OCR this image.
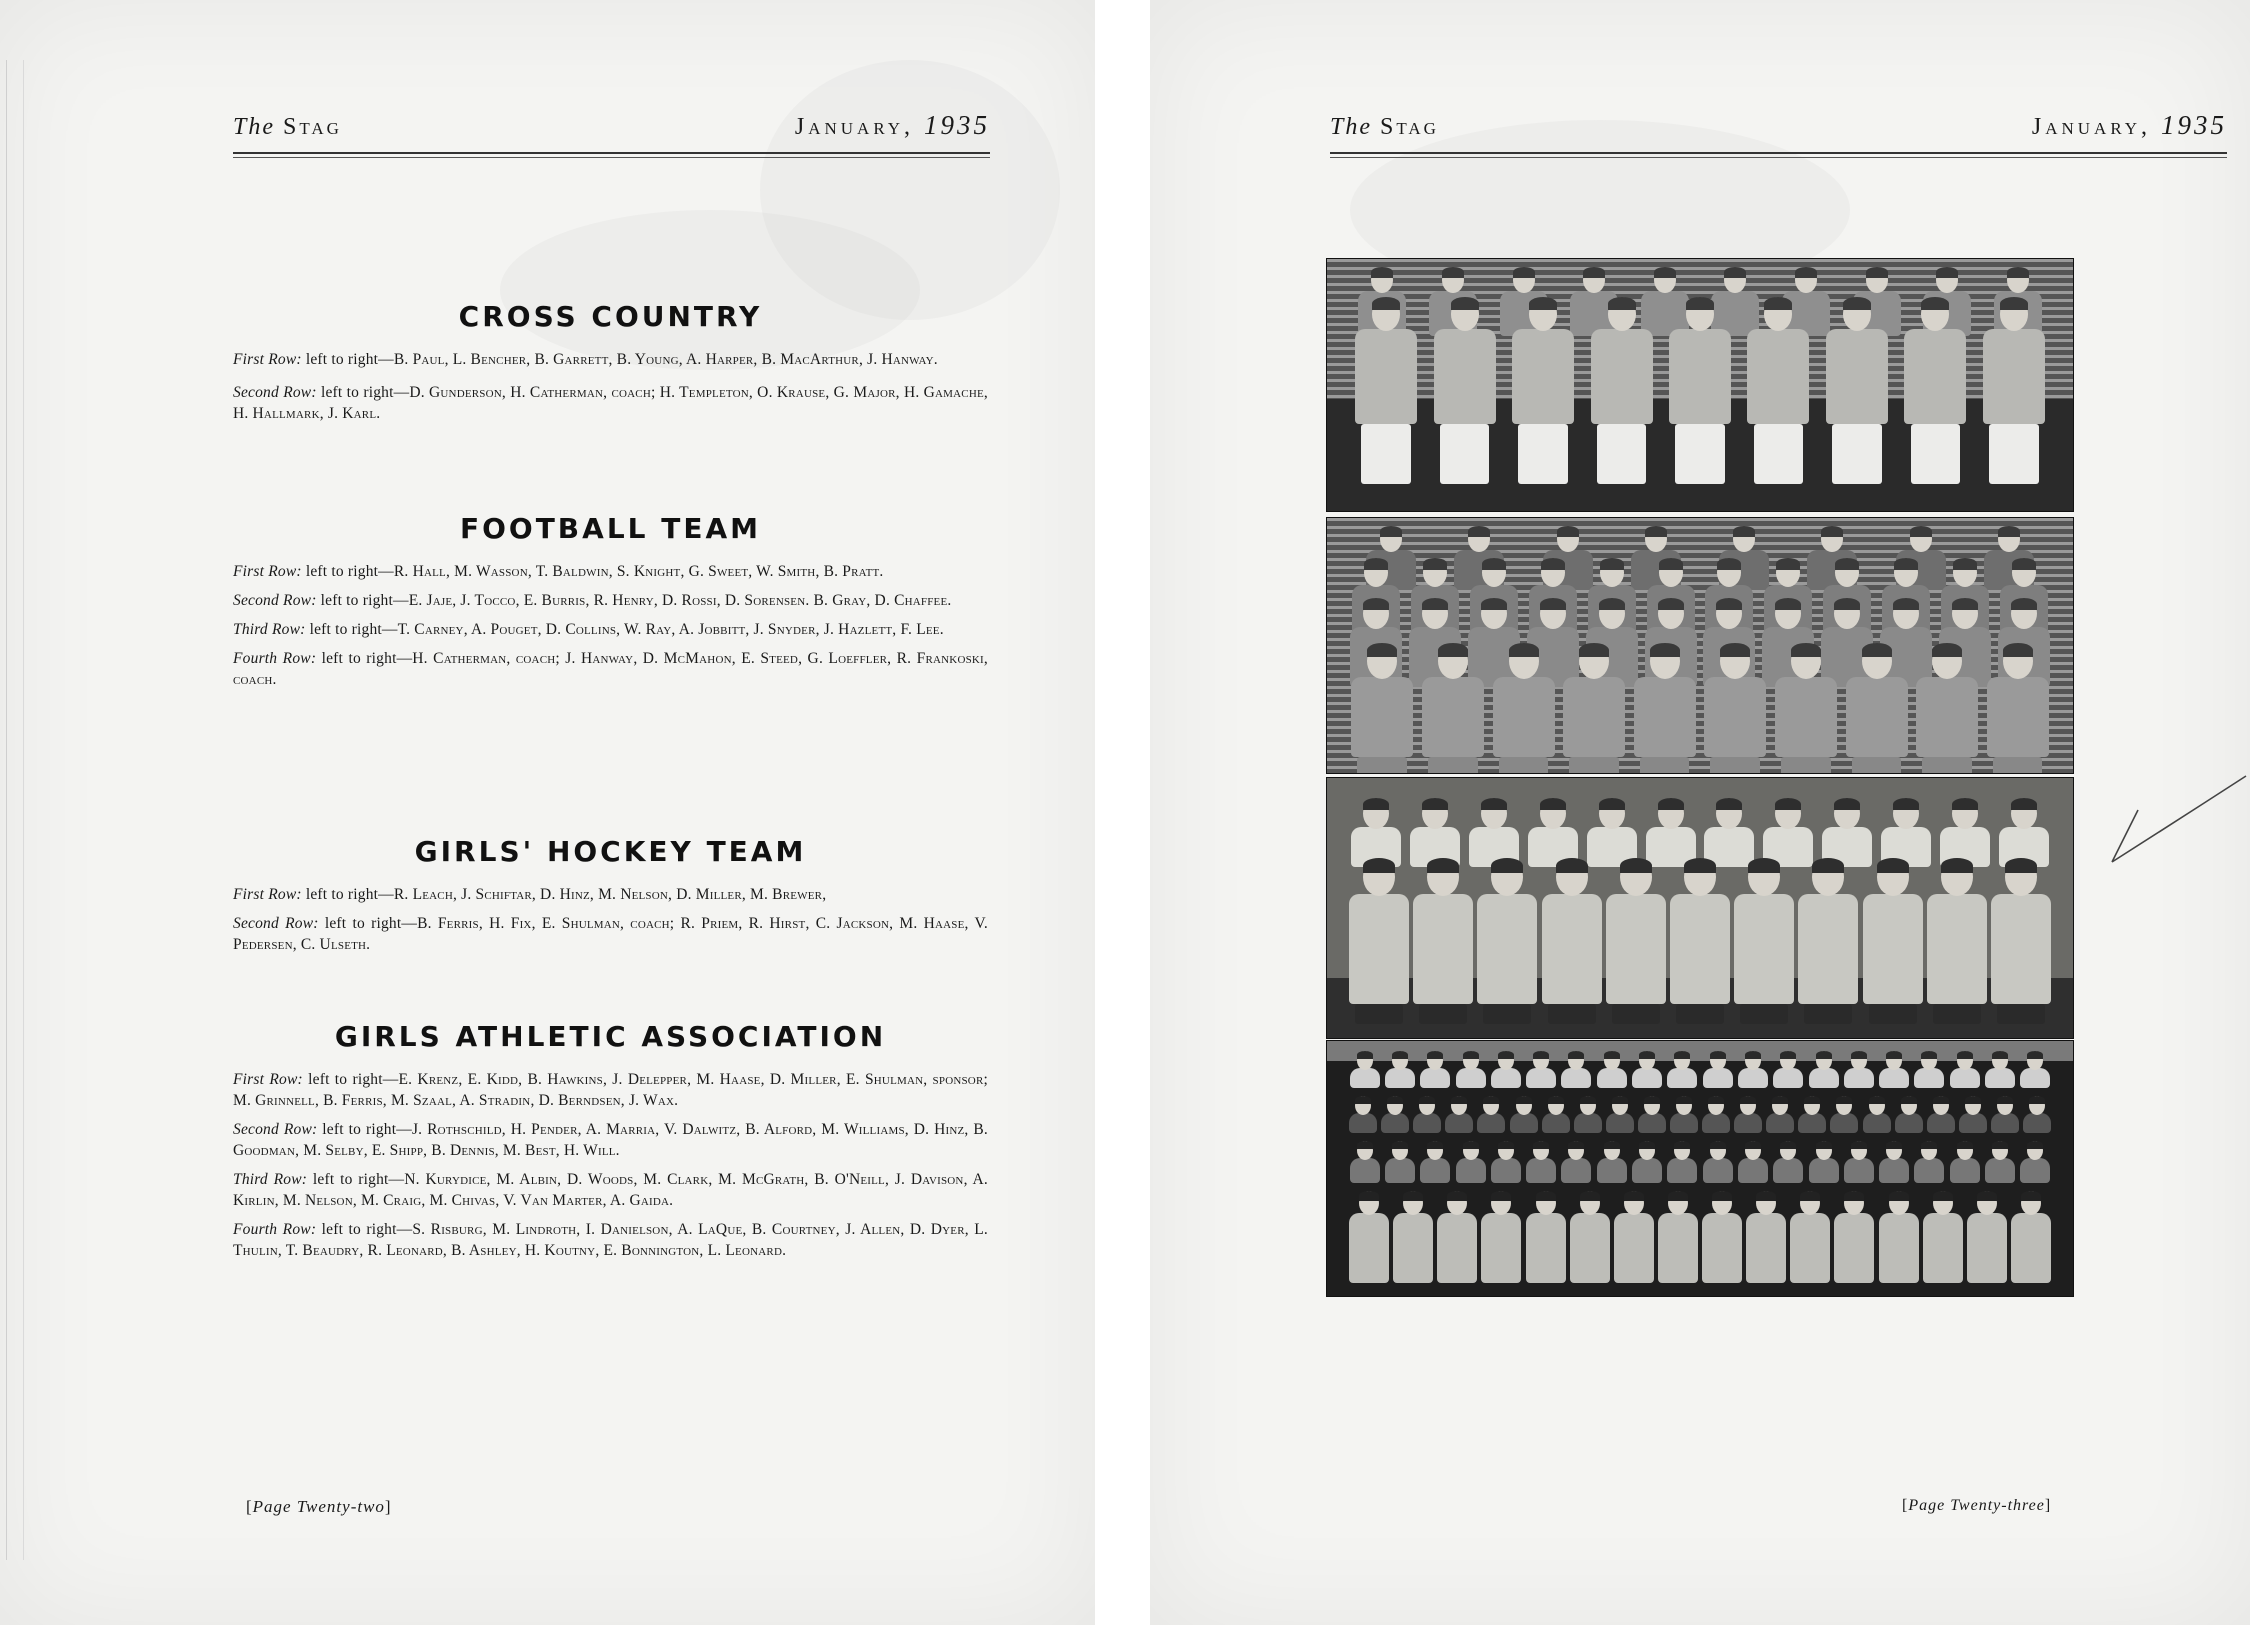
The Stag	January, 1935
CROSS COUNTRY
First Row: left to right—B. Paul, L. Bencher, B. Garrett, B. Young, A. Harper, B. MacArthur, J. Hanway.
Second Row: left to right—D. Gunderson, H. Catherman, coach; H. Templeton, O. Krause, G. Major, H. Gamache, H. Hallmark, J. Karl.
FOOTBALL TEAM
First Row: left to right—R. Hall, M. Wasson, T. Baldwin, S. Knight, G. Sweet, W. Smith, B. Pratt.
Second Row: left to right—E. Jaje, J. Tocco, E. Burris, R. Henry, D. Rossi, D. Sorensen. B. Gray, D. Chaffee.
Third Row: left to right—T. Carney, A. Pouget, D. Collins, W. Ray, A. Jobbitt, J. Snyder, J. Hazlett, F. Lee.
Fourth Row: left to right—H. Catherman, coach; J. Hanway, D. McMahon, E. Steed, G. Loeffler, R. Frankoski, coach.
GIRLS' HOCKEY TEAM
First Row: left to right—R. Leach, J. Schiftar, D. Hinz, M. Nelson, D. Miller, M. Brewer,
Second Row: left to right—B. Ferris, H. Fix, E. Shulman, coach; R. Priem, R. Hirst, C. Jackson, M. Haase, V. Pedersen, C. Ulseth.
GIRLS ATHLETIC ASSOCIATION
First Row: left to right—E. Krenz, E. Kidd, B. Hawkins, J. Delepper, M. Haase, D. Miller, E. Shulman, sponsor; M. Grinnell, B. Ferris, M. Szaal, A. Stradin, D. Berndsen, J. Wax.
Second Row: left to right—J. Rothschild, H. Pender, A. Marria, V. Dalwitz, B. Alford, M. Williams, D. Hinz, B. Goodman, M. Selby, E. Shipp, B. Dennis, M. Best, H. Will.
Third Row: left to right—N. Kurydice, M. Albin, D. Woods, M. Clark, M. McGrath, B. O'Neill, J. Davison, A. Kirlin, M. Nelson, M. Craig, M. Chivas, V. Van Marter, A. Gaida.
Fourth Row: left to right—S. Risburg, M. Lindroth, I. Danielson, A. LaQue, B. Courtney, J. Allen, D. Dyer, L. Thulin, T. Beaudry, R. Leonard, B. Ashley, H. Koutny, E. Bonnington, L. Leonard.
[Page Twenty-two]
The Stag	January, 1935
[Page Twenty-three]
